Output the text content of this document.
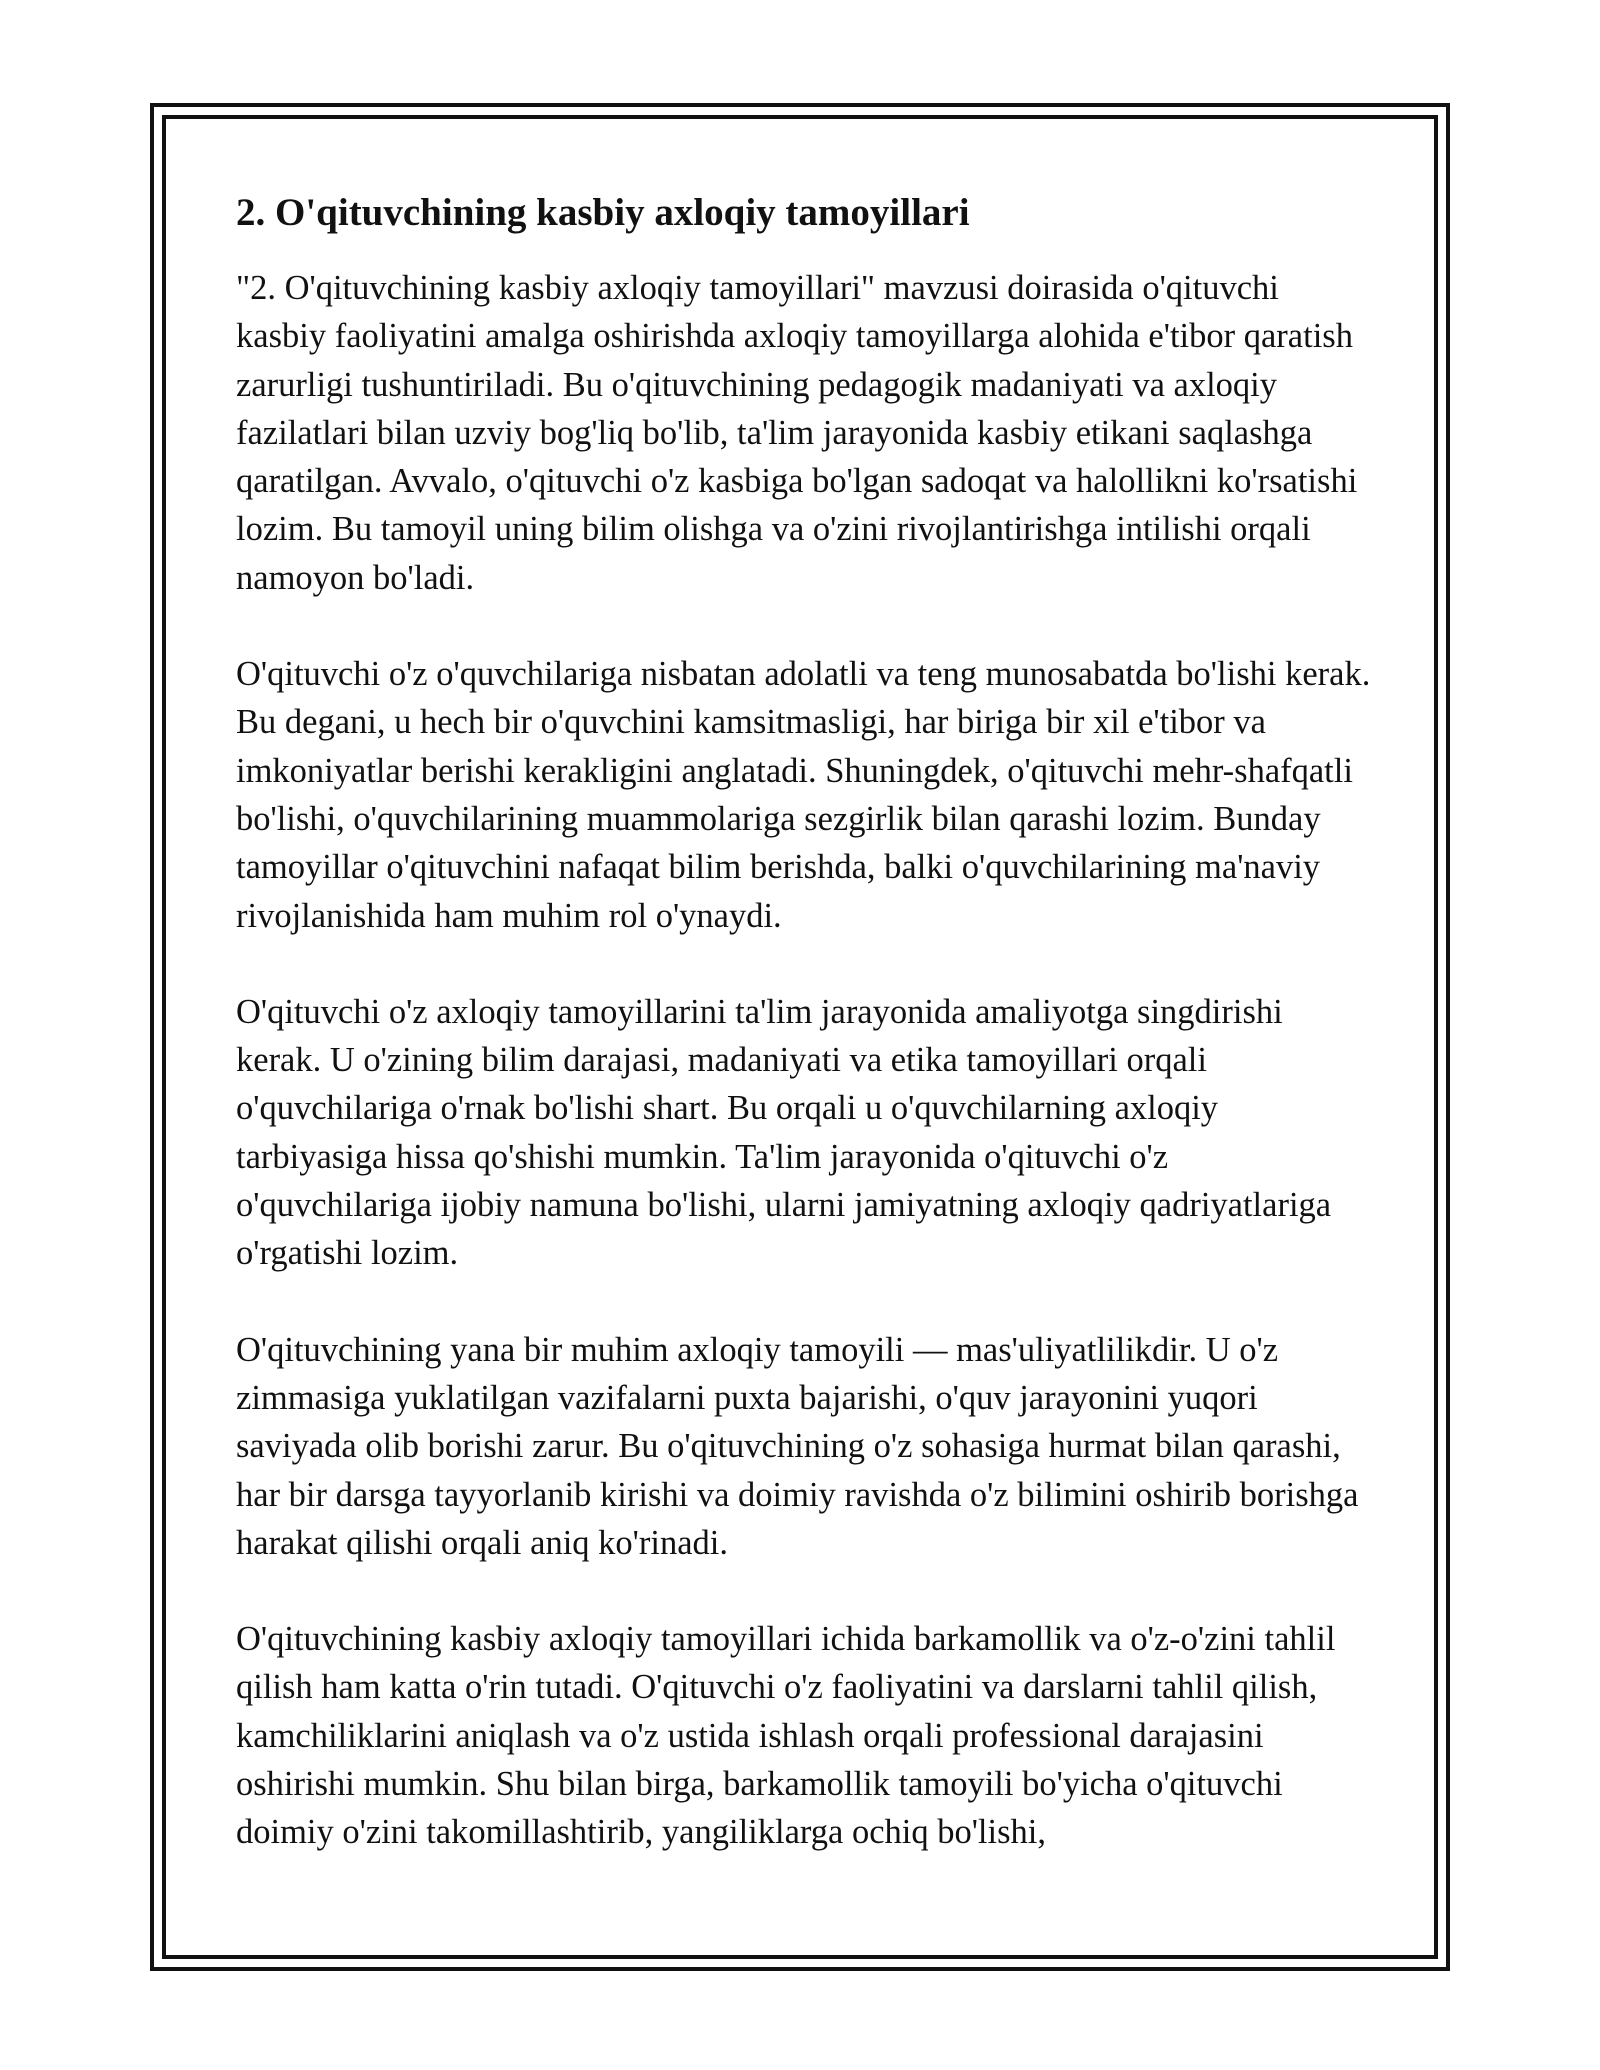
2. O'qituvchining kasbiy axloqiy tamoyillari

"2. O'qituvchining kasbiy axloqiy tamoyillari" mavzusi doirasida o'qituvchi kasbiy faoliyatini amalga oshirishda axloqiy tamoyillarga alohida e'tibor qaratish zarurligi tushuntiriladi. Bu o'qituvchining pedagogik madaniyati va axloqiy fazilatlari bilan uzviy bog'liq bo'lib, ta'lim jarayonida kasbiy etikani saqlashga qaratilgan. Avvalo, o'qituvchi o'z kasbiga bo'lgan sadoqat va halollikni ko'rsatishi lozim. Bu tamoyil uning bilim olishga va o'zini rivojlantirishga intilishi orqali namoyon bo'ladi.

O'qituvchi o'z o'quvchilariga nisbatan adolatli va teng munosabatda bo'lishi kerak. Bu degani, u hech bir o'quvchini kamsitmasligi, har biriga bir xil e'tibor va imkoniyatlar berishi kerakligini anglatadi. Shuningdek, o'qituvchi mehr-shafqatli bo'lishi, o'quvchilarining muammolariga sezgirlik bilan qarashi lozim. Bunday tamoyillar o'qituvchini nafaqat bilim berishda, balki o'quvchilarining ma'naviy rivojlanishida ham muhim rol o'ynaydi.

O'qituvchi o'z axloqiy tamoyillarini ta'lim jarayonida amaliyotga singdirishi kerak. U o'zining bilim darajasi, madaniyati va etika tamoyillari orqali o'quvchilariga o'rnak bo'lishi shart. Bu orqali u o'quvchilarning axloqiy tarbiyasiga hissa qo'shishi mumkin. Ta'lim jarayonida o'qituvchi o'z o'quvchilariga ijobiy namuna bo'lishi, ularni jamiyatning axloqiy qadriyatlariga o'rgatishi lozim.

O'qituvchining yana bir muhim axloqiy tamoyili — mas'uliyatlilikdir. U o'z zimmasiga yuklatilgan vazifalarni puxta bajarishi, o'quv jarayonini yuqori saviyada olib borishi zarur. Bu o'qituvchining o'z sohasiga hurmat bilan qarashi, har bir darsga tayyorlanib kirishi va doimiy ravishda o'z bilimini oshirib borishga harakat qilishi orqali aniq ko'rinadi.

O'qituvchining kasbiy axloqiy tamoyillari ichida barkamollik va o'z-o'zini tahlil qilish ham katta o'rin tutadi. O'qituvchi o'z faoliyatini va darslarni tahlil qilish, kamchiliklarini aniqlash va o'z ustida ishlash orqali professional darajasini oshirishi mumkin. Shu bilan birga, barkamollik tamoyili bo'yicha o'qituvchi doimiy o'zini takomillashtirib, yangiliklarga ochiq bo'lishi,
